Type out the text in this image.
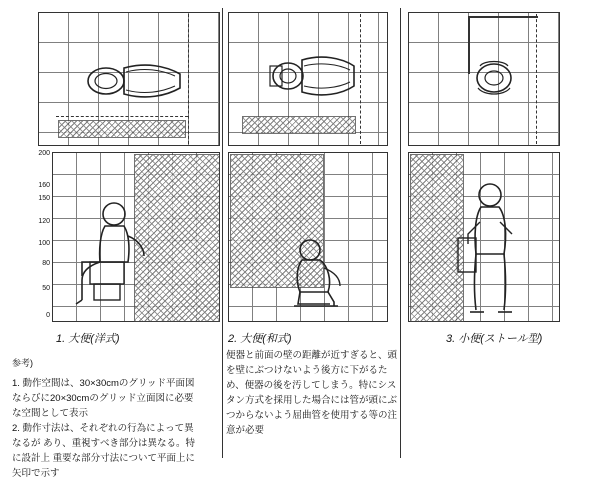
200
160
150
120
100
80
50
0
1. 大便(洋式)	2. 大便(和式)	3. 小便(ストール型)
参考)
1. 動作空間は、30×30cmのグリッド平面図ならびに20×30cmのグリッド立面図に必要な空間として表示
2. 動作寸法は、それぞれの行為によって異なるが あり、重視すべき部分は異なる。特に設計上 重要な部分寸法について平面上に矢印で示す
便器と前面の壁の距離が近すぎると、頭を壁にぶつけないよう後方に下がるため、便器の後を汚してしまう。特にシスタン方式を採用した場合には管が頭にぶつからないよう屈曲管を使用する等の注意が必要
